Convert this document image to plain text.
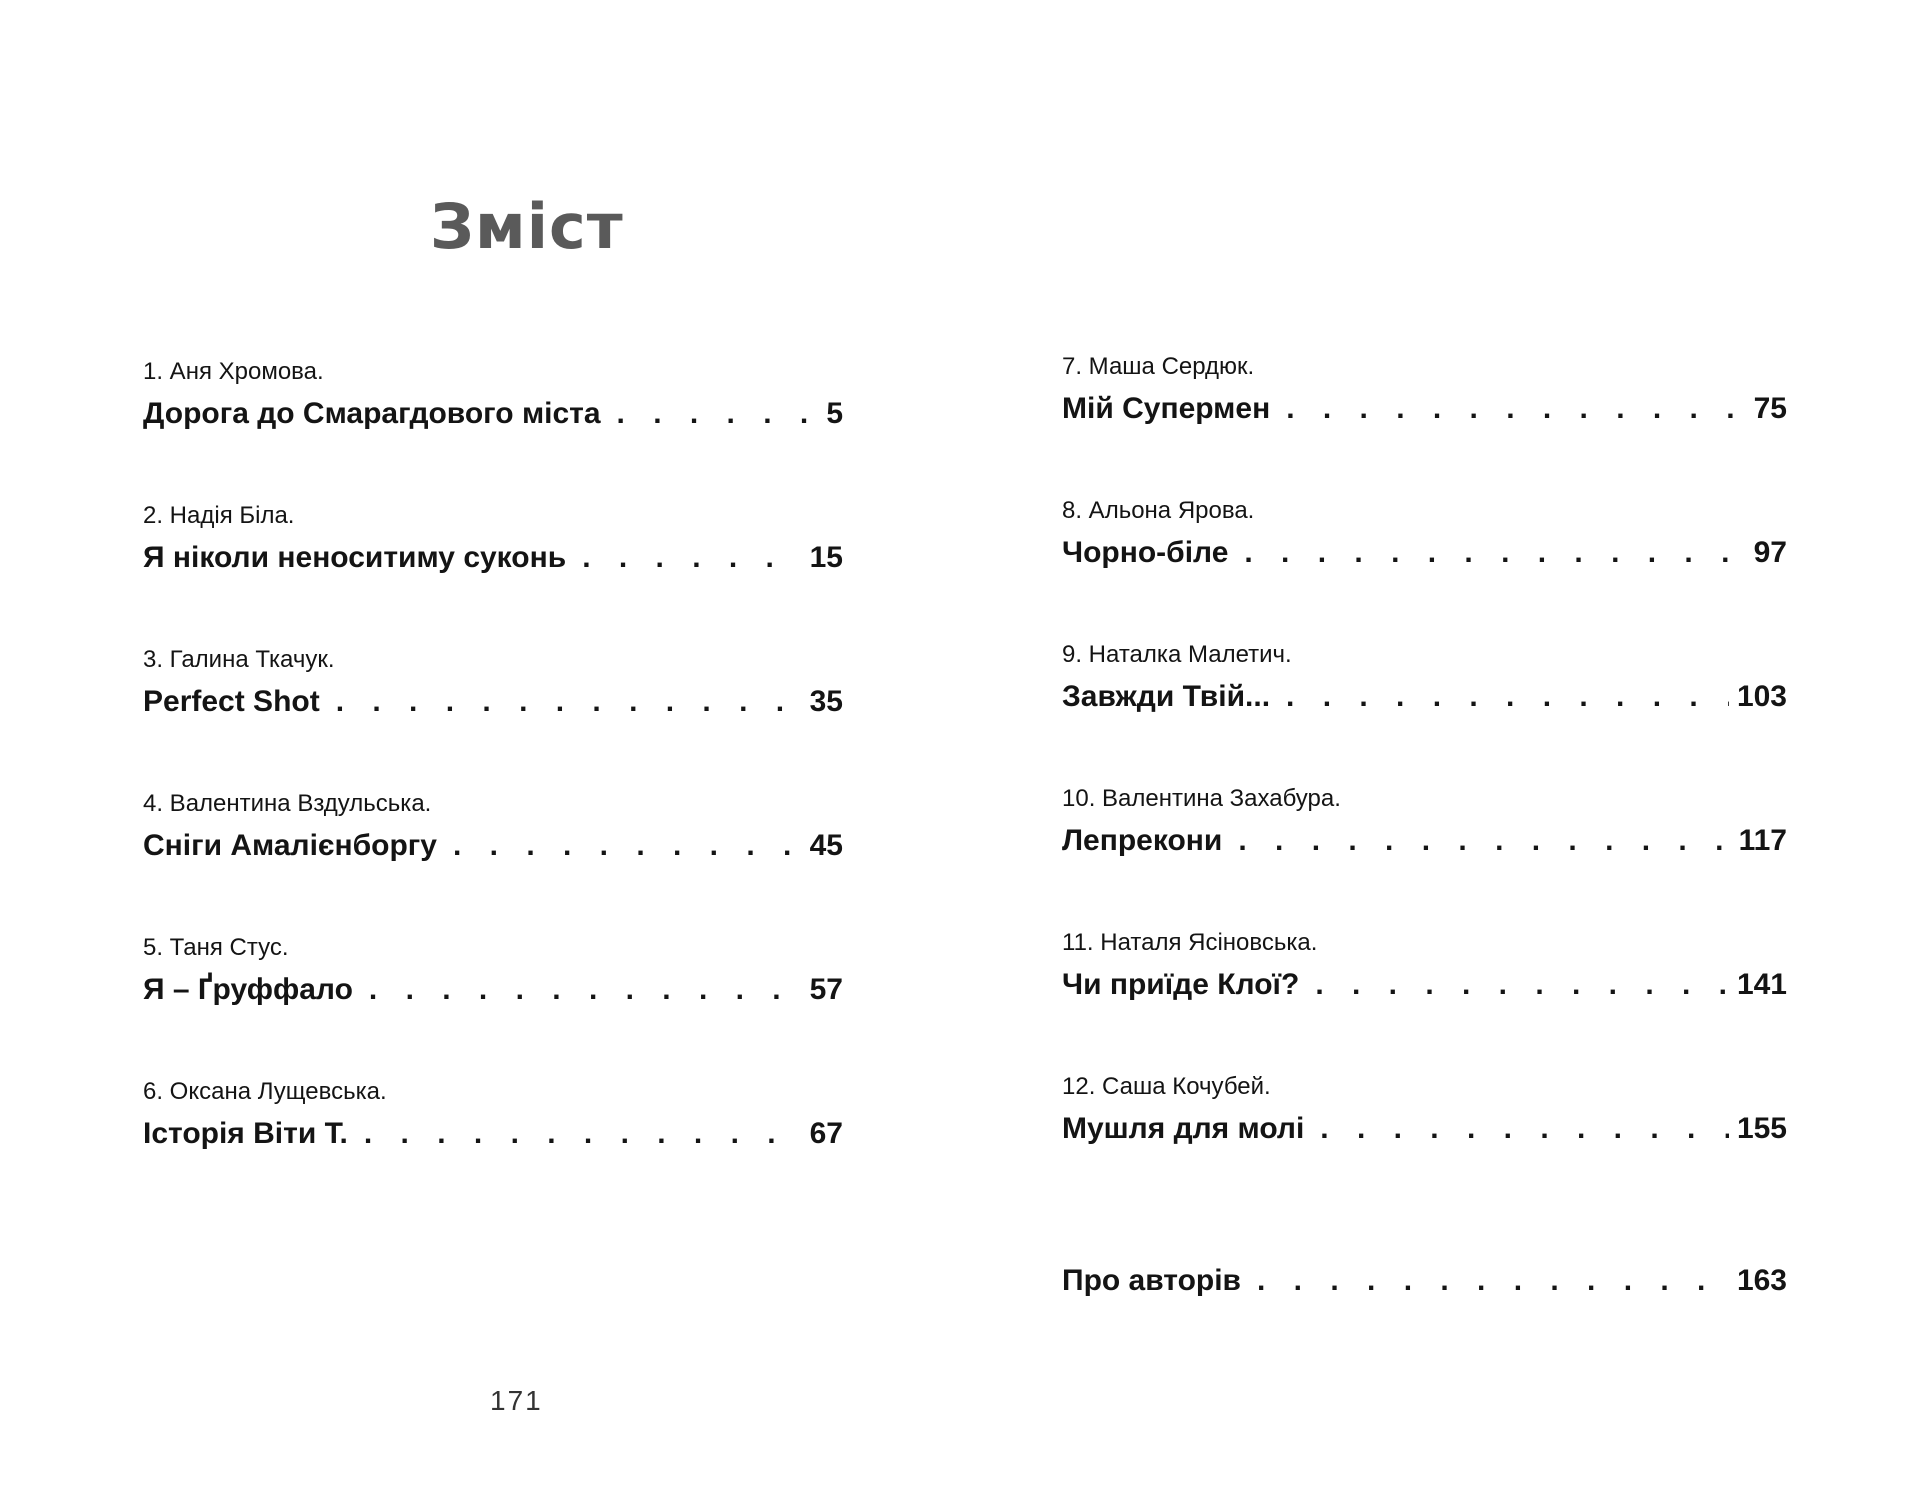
Зміст
1. Аня Хромова.
Дорога до Смарагдового міста . . .	5
2. Надія Біла.
Я ніколи неноситиму суконь . . .	15
3. Галина Ткачук.
Perfect Shot . . .	35
4. Валентина Вздульська.
Сніги Амалієнборгу . . .	45
5. Таня Стус.
Я – Ґруффало . . .	57
6. Оксана Лущевська.
Історія Віти Т. . . .	67
171
7. Маша Сердюк.
Мій Супермен . . .	75
8. Альона Ярова.
Чорно-біле . . .	97
9. Наталка Малетич.
Завжди Твій... . . .	103
10. Валентина Захабура.
Лепрекони . . .	117
11. Наталя Ясіновська.
Чи приїде Клої? . . .	141
12. Саша Кочубей.
Мушля для молі . . .	155
Про авторів . . .	163
